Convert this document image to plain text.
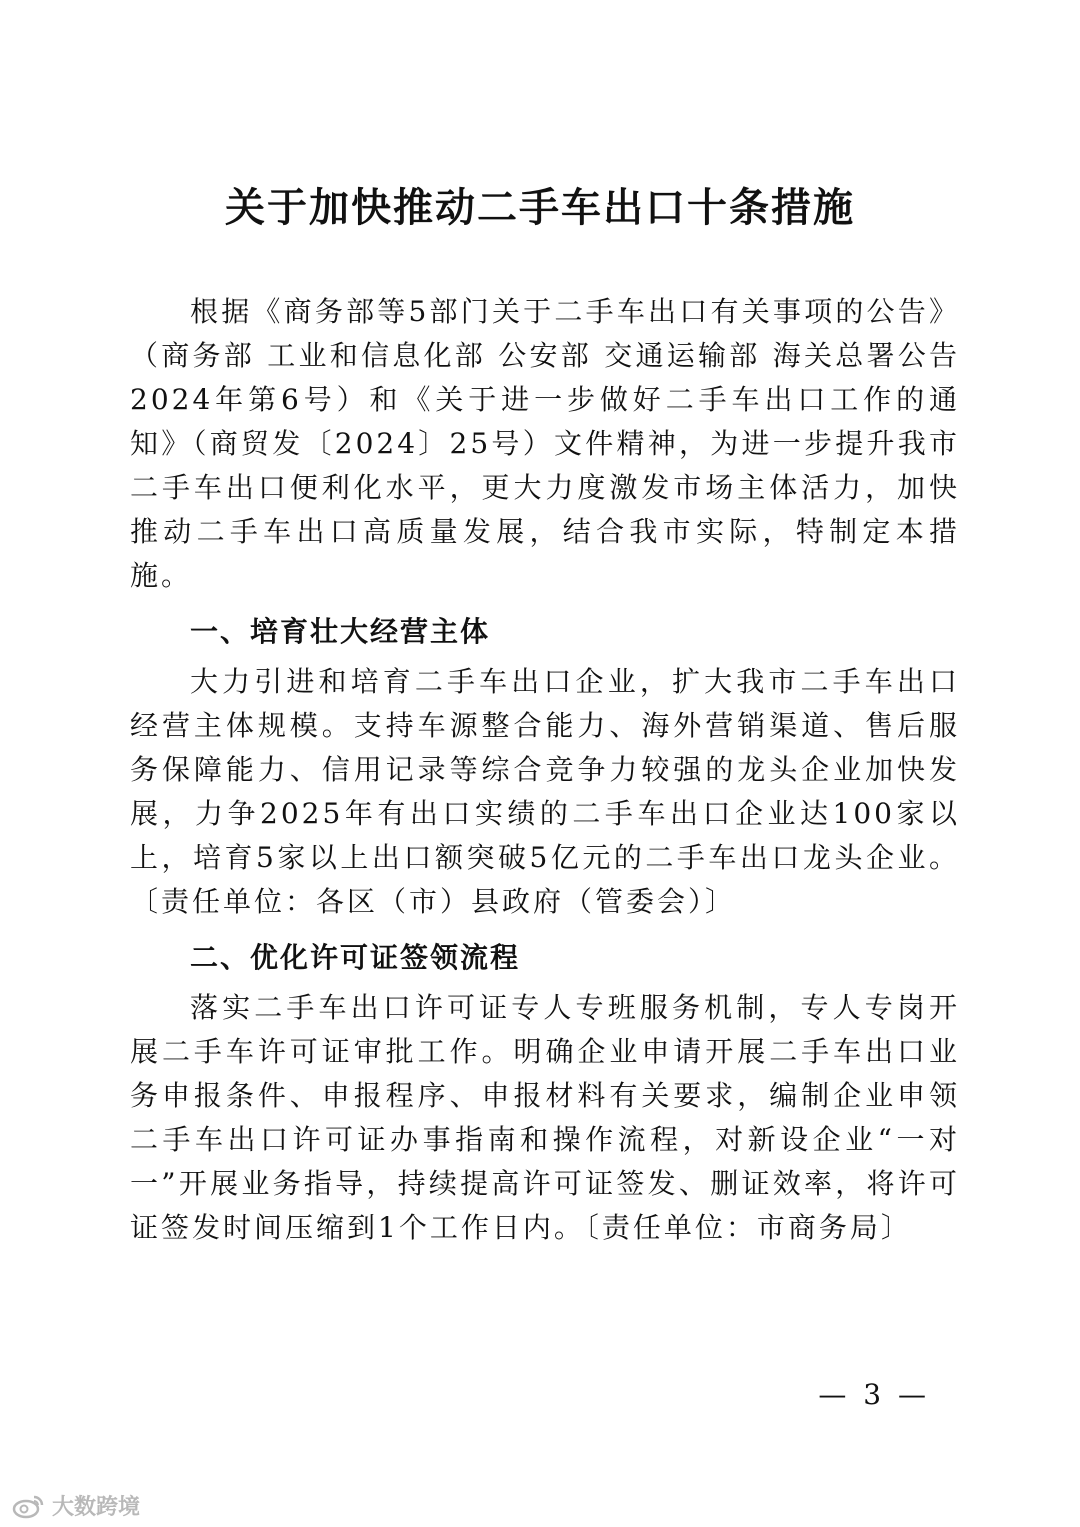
关于加快推动二手车出口十条措施

根据《商务部等5部门关于二手车出口有关事项的公告》（商务部 工业和信息化部 公安部 交通运输部 海关总署公告2024年第6号）和《关于进一步做好二手车出口工作的通知》（商贸发〔2024〕25号）文件精神，为进一步提升我市二手车出口便利化水平，更大力度激发市场主体活力，加快推动二手车出口高质量发展，结合我市实际，特制定本措施。

一、培育壮大经营主体

大力引进和培育二手车出口企业，扩大我市二手车出口经营主体规模。支持车源整合能力、海外营销渠道、售后服务保障能力、信用记录等综合竞争力较强的龙头企业加快发展，力争2025年有出口实绩的二手车出口企业达100家以上，培育5家以上出口额突破5亿元的二手车出口龙头企业。〔责任单位：各区（市）县政府（管委会）〕

二、优化许可证签领流程

落实二手车出口许可证专人专班服务机制，专人专岗开展二手车许可证审批工作。明确企业申请开展二手车出口业务申报条件、申报程序、申报材料有关要求，编制企业申领二手车出口许可证办事指南和操作流程，对新设企业“一对一”开展业务指导，持续提高许可证签发、删证效率，将许可证签发时间压缩到1个工作日内。〔责任单位：市商务局〕

— 3 —
大数跨境
